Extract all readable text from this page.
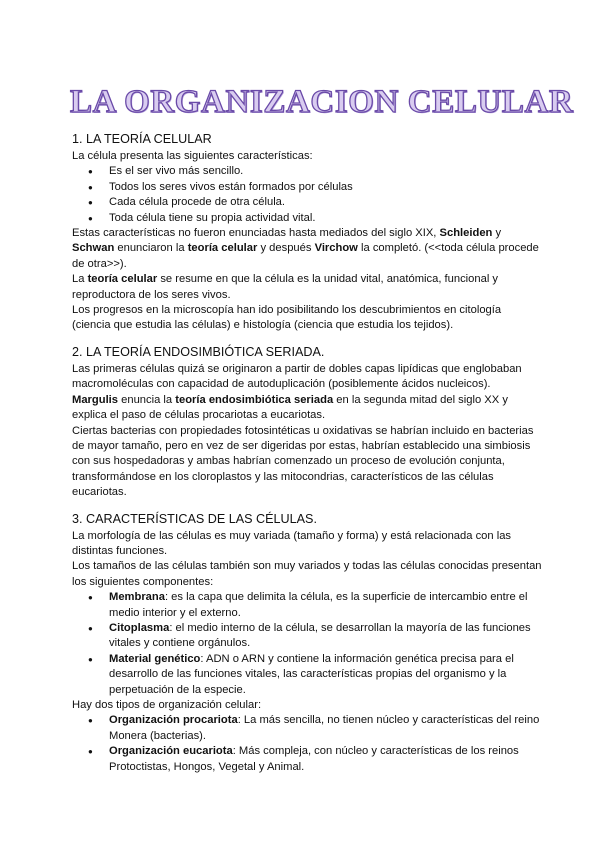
LA ORGANIZACION CELULAR
1. LA TEORÍA CELULAR

La célula presenta las siguientes características:

● Es el ser vivo más sencillo.
● Todos los seres vivos están formados por células
● Cada célula procede de otra célula.
● Toda célula tiene su propia actividad vital.

Estas características no fueron enunciadas hasta mediados del siglo XIX, Schleiden y Schwan enunciaron la teoría celular y después Virchow la completó. (<<toda célula procede de otra>>).

La teoría celular se resume en que la célula es la unidad vital, anatómica, funcional y reproductora de los seres vivos.

Los progresos en la microscopía han ido posibilitando los descubrimientos en citología (ciencia que estudia las células) e histología (ciencia que estudia los tejidos).

2. LA TEORÍA ENDOSIMBIÓTICA SERIADA.

Las primeras células quizá se originaron a partir de dobles capas lipídicas que englobaban macromoléculas con capacidad de autoduplicación (posiblemente ácidos nucleicos).

Margulis enuncia la teoría endosimbiótica seriada en la segunda mitad del siglo XX y explica el paso de células procariotas a eucariotas.

Ciertas bacterias con propiedades fotosintéticas u oxidativas se habrían incluido en bacterias de mayor tamaño, pero en vez de ser digeridas por estas, habrían establecido una simbiosis con sus hospedadoras y ambas habrían comenzado un proceso de evolución conjunta, transformándose en los cloroplastos y las mitocondrias, característicos de las células eucariotas.

3. CARACTERÍSTICAS DE LAS CÉLULAS.

La morfología de las células es muy variada (tamaño y forma) y está relacionada con las distintas funciones.

Los tamaños de las células también son muy variados y todas las células conocidas presentan los siguientes componentes:

● Membrana: es la capa que delimita la célula, es la superficie de intercambio entre el medio interior y el externo.
● Citoplasma: el medio interno de la célula, se desarrollan la mayoría de las funciones vitales y contiene orgánulos.
● Material genético: ADN o ARN y contiene la información genética precisa para el desarrollo de las funciones vitales, las características propias del organismo y la perpetuación de la especie.

Hay dos tipos de organización celular:

● Organización procariota: La más sencilla, no tienen núcleo y características del reino Monera (bacterias).
● Organización eucariota: Más compleja, con núcleo y características de los reinos Protoctistas, Hongos, Vegetal y Animal.
